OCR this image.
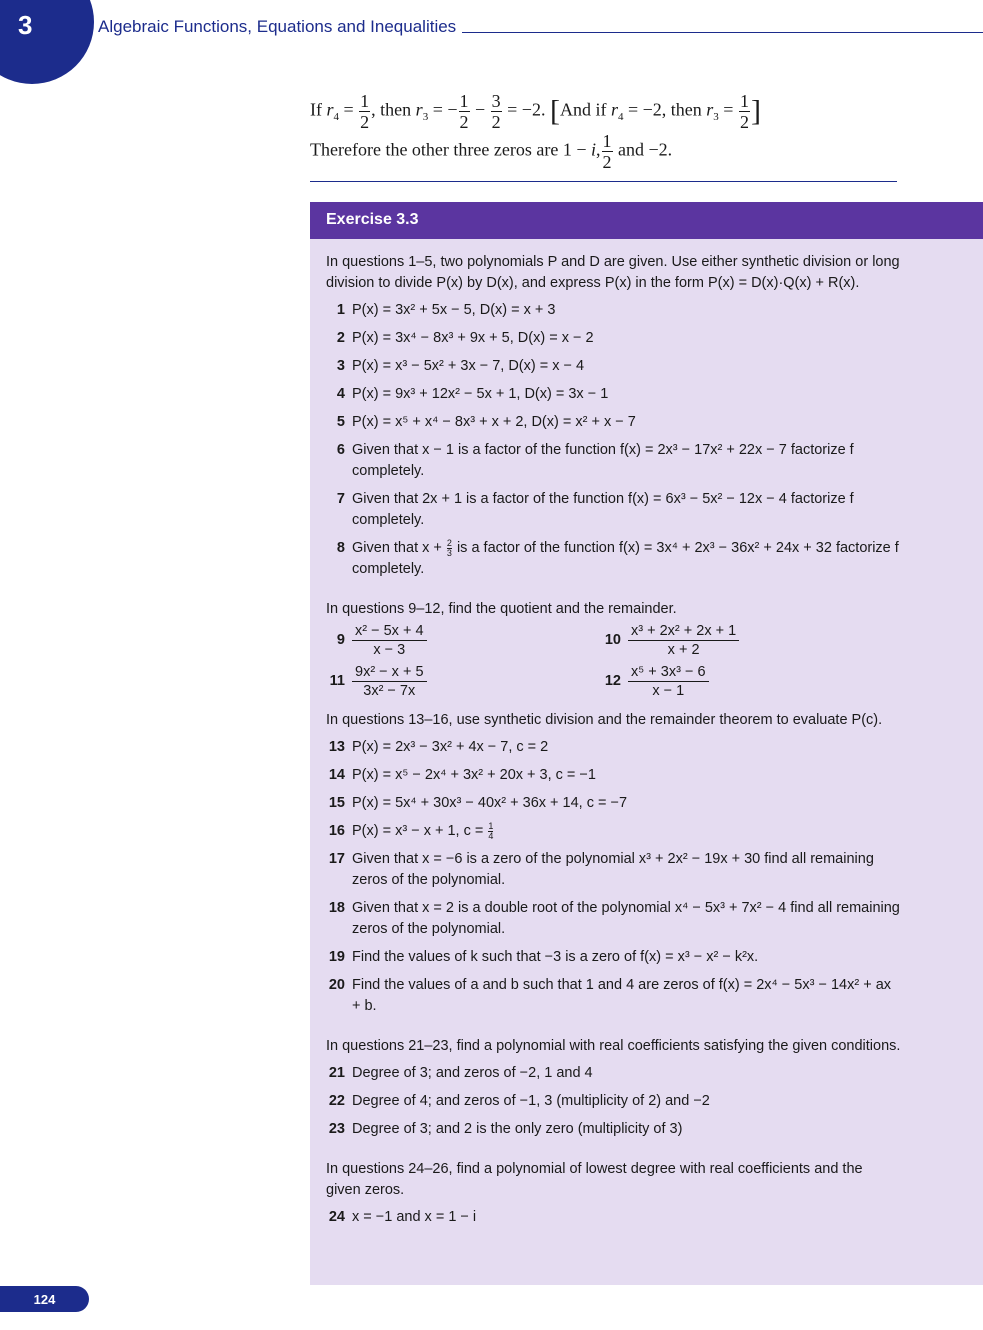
3	Algebraic Functions, Equations and Inequalities
If $r_4 = \frac{1}{2}$ , then $r_3$ = − $\frac{1}{2} - \frac{3}{2} = -2$. [And if $r_4 = -2$, then $r_3 = \frac{1}{2}$ ]
Therefore the other three zeros are 1 − i, $\frac{1}{2}$ and −2.
Exercise 3.3
In questions 1–5, two polynomials P and D are given. Use either synthetic division or long division to divide P(x) by D(x), and express P(x) in the form P(x) = D(x)·Q(x) + R(x).
1 P(x) = 3x² + 5x − 5, D(x) = x + 3
2 P(x) = 3x⁴ − 8x³ + 9x + 5, D(x) = x − 2
3 P(x) = x³ − 5x² + 3x − 7, D(x) = x − 4
4 P(x) = 9x³ + 12x² − 5x + 1, D(x) = 3x − 1
5 P(x) = x⁵ + x⁴ − 8x³ + x + 2, D(x) = x² + x − 7
6 Given that x − 1 is a factor of the function f(x) = 2x³ − 17x² + 22x − 7 factorize f completely.
7 Given that 2x + 1 is a factor of the function f(x) = 6x³ − 5x² − 12x − 4 factorize f completely.
8 Given that $x + \frac{2}{3}$ is a factor of the function f(x) = 3x⁴ + 2x³ − 36x² + 24x + 32 factorize f completely.
In questions 9–12, find the quotient and the remainder.
$9 \frac{\text{x² − 5x + 4}}{x - 3}$	$10 \frac{\text{x³ + 2x² + 2x + 1}}{x + 2}$
$11 \frac{\text{9x² − x + 5}}{\text{3x² − 7x}}$	$12 \frac{\text{x⁵ + 3x³ − 6}}{x - 1}$
In questions 13–16, use synthetic division and the remainder theorem to evaluate P(c).
13 P(x) = 2x³ − 3x² + 4x − 7, c = 2
14 P(x) = x⁵ − 2x⁴ + 3x² + 20x + 3, c = −1
15 P(x) = 5x⁴ + 30x³ − 40x² + 36x + 14, c = −7
16 P(x) = x³ − x + 1, $c = \frac{1}{4}$
17 Given that x = −6 is a zero of the polynomial x³ + 2x² − 19x + 30 find all remaining zeros of the polynomial.
18 Given that x = 2 is a double root of the polynomial x⁴ − 5x³ + 7x² − 4 find all remaining zeros of the polynomial.
19 Find the values of k such that −3 is a zero of f(x) = x³ − x² − k²x.
20 Find the values of a and b such that 1 and 4 are zeros of f(x) = 2x⁴ − 5x³ − 14x² + ax + b.
In questions 21–23, find a polynomial with real coefficients satisfying the given conditions.
21 Degree of 3; and zeros of −2, 1 and 4
22 Degree of 4; and zeros of −1, 3 (multiplicity of 2) and −2
23 Degree of 3; and 2 is the only zero (multiplicity of 3)
In questions 24–26, find a polynomial of lowest degree with real coefficients and the given zeros.
24 x = −1 and x = 1 − i
124
